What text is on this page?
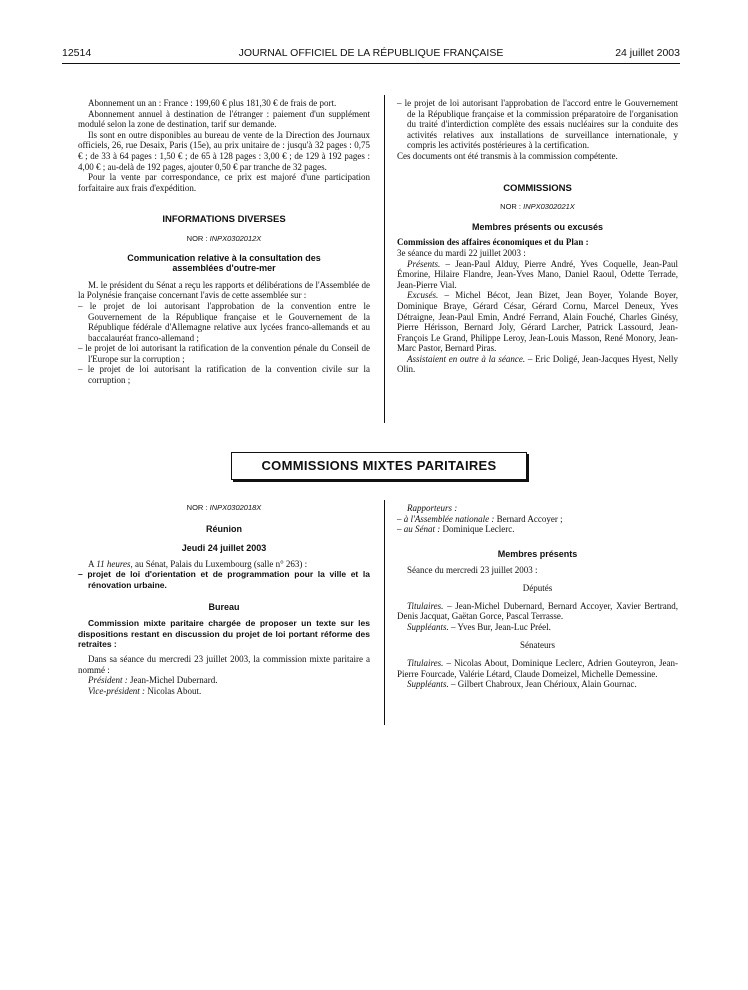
12514	JOURNAL OFFICIEL DE LA RÉPUBLIQUE FRANÇAISE	24 juillet 2003

Abonnement un an : France : 199,60 € plus 181,30 € de frais de port.

Abonnement annuel à destination de l'étranger : paiement d'un supplément modulé selon la zone de destination, tarif sur demande.

Ils sont en outre disponibles au bureau de vente de la Direction des Journaux officiels, 26, rue Desaix, Paris (15e), au prix unitaire de : jusqu'à 32 pages : 0,75 € ; de 33 à 64 pages : 1,50 € ; de 65 à 128 pages : 3,00 € ; de 129 à 192 pages : 4,00 € ; au-delà de 192 pages, ajouter 0,50 € par tranche de 32 pages.

Pour la vente par correspondance, ce prix est majoré d'une participation forfaitaire aux frais d'expédition.

INFORMATIONS DIVERSES

NOR : INPX0302012X

Communication relative à la consultation des assemblées d'outre-mer

M. le président du Sénat a reçu les rapports et délibérations de l'Assemblée de la Polynésie française concernant l'avis de cette assemblée sur :

– le projet de loi autorisant l'approbation de la convention entre le Gouvernement de la République française et le Gouvernement de la République fédérale d'Allemagne relative aux lycées franco-allemands et au baccalauréat franco-allemand ;

– le projet de loi autorisant la ratification de la convention pénale du Conseil de l'Europe sur la corruption ;

– le projet de loi autorisant la ratification de la convention civile sur la corruption ;

– le projet de loi autorisant l'approbation de l'accord entre le Gouvernement de la République française et la commission préparatoire de l'organisation du traité d'interdiction complète des essais nucléaires sur la conduite des activités relatives aux installations de surveillance internationale, y compris les activités postérieures à la certification.

Ces documents ont été transmis à la commission compétente.

COMMISSIONS

NOR : INPX0302021X

Membres présents ou excusés

Commission des affaires économiques et du Plan :

3e séance du mardi 22 juillet 2003 :

Présents. – Jean-Paul Alduy, Pierre André, Yves Coquelle, Jean-Paul Émorine, Hilaire Flandre, Jean-Yves Mano, Daniel Raoul, Odette Terrade, Jean-Pierre Vial.

Excusés. – Michel Bécot, Jean Bizet, Jean Boyer, Yolande Boyer, Dominique Braye, Gérard César, Gérard Cornu, Marcel Deneux, Yves Détraigne, Jean-Paul Emin, André Ferrand, Alain Fouché, Charles Ginésy, Pierre Hérisson, Bernard Joly, Gérard Larcher, Patrick Lassourd, Jean-François Le Grand, Philippe Leroy, Jean-Louis Masson, René Monory, Jean-Marc Pastor, Bernard Piras.

Assistaient en outre à la séance. – Eric Doligé, Jean-Jacques Hyest, Nelly Olin.

COMMISSIONS MIXTES PARITAIRES

NOR : INPX0302018X

Réunion

Jeudi 24 juillet 2003

A 11 heures, au Sénat, Palais du Luxembourg (salle n° 263) :

– projet de loi d'orientation et de programmation pour la ville et la rénovation urbaine.

Bureau

Commission mixte paritaire chargée de proposer un texte sur les dispositions restant en discussion du projet de loi portant réforme des retraites :

Dans sa séance du mercredi 23 juillet 2003, la commission mixte paritaire a nommé :

Président : Jean-Michel Dubernard.

Vice-président : Nicolas About.

Rapporteurs :

– à l'Assemblée nationale : Bernard Accoyer ;

– au Sénat : Dominique Leclerc.

Membres présents

Séance du mercredi 23 juillet 2003 :

Députés

Titulaires. – Jean-Michel Dubernard, Bernard Accoyer, Xavier Bertrand, Denis Jacquat, Gaëtan Gorce, Pascal Terrasse.

Suppléants. – Yves Bur, Jean-Luc Préel.

Sénateurs

Titulaires. – Nicolas About, Dominique Leclerc, Adrien Gouteyron, Jean-Pierre Fourcade, Valérie Létard, Claude Domeizel, Michelle Demessine.

Suppléants. – Gilbert Chabroux, Jean Chérioux, Alain Gournac.
